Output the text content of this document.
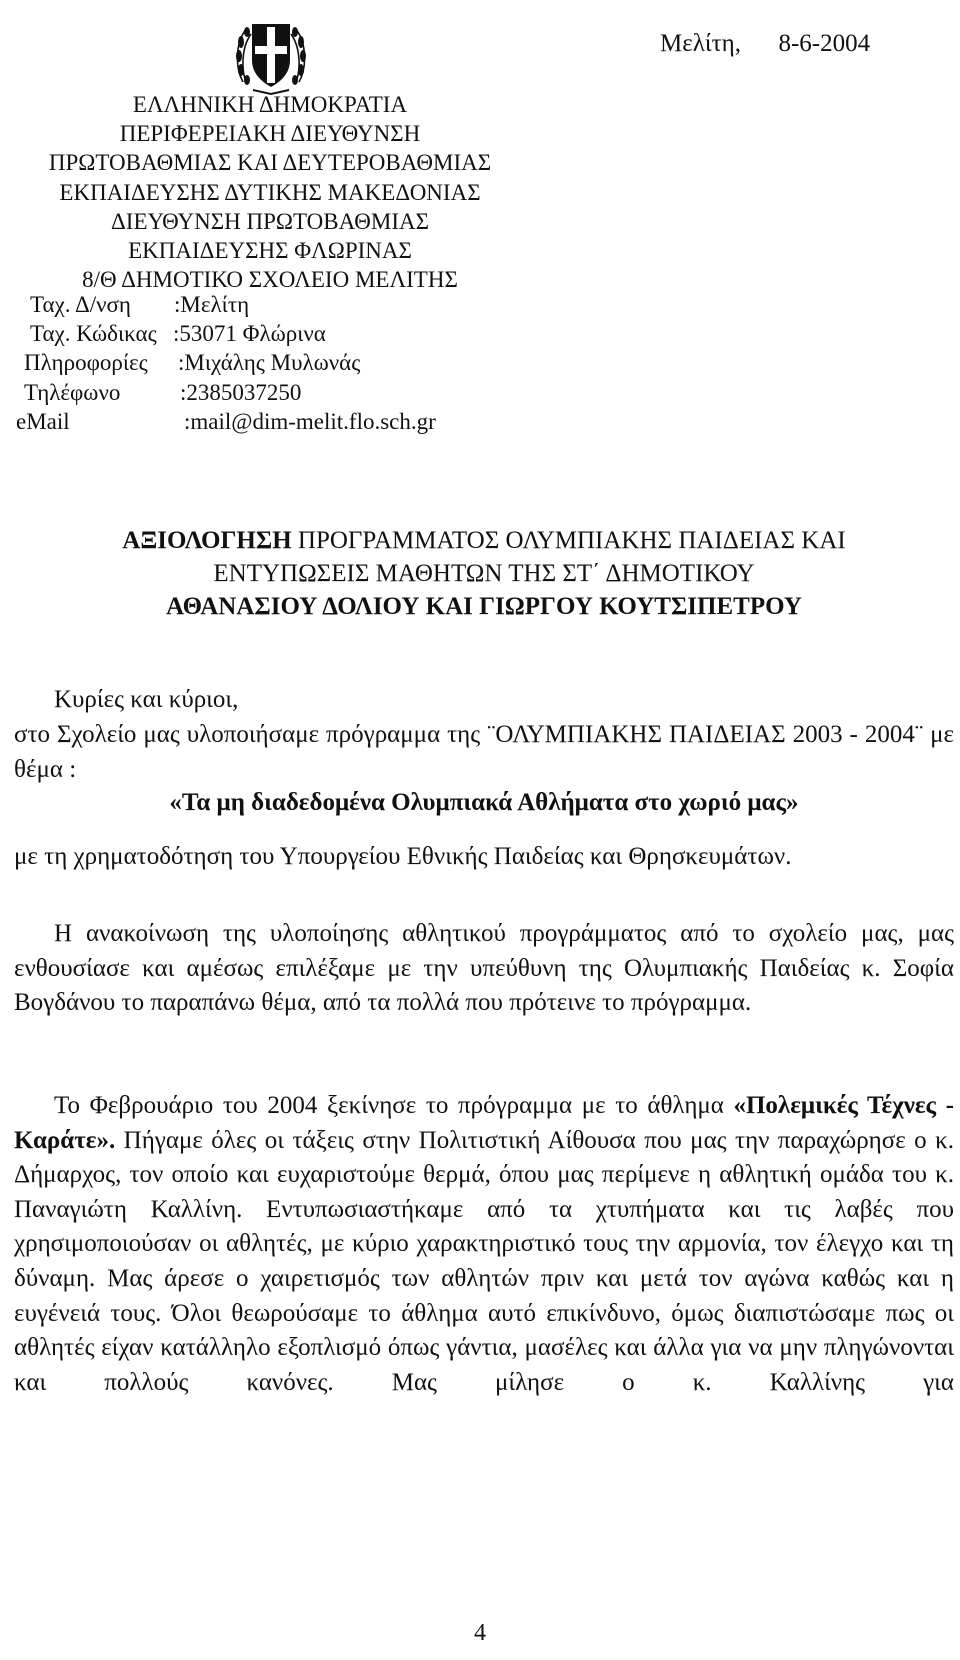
Μελίτη,      8-6-2004
ΕΛΛΗΝΙΚΗ ΔΗΜΟΚΡΑΤΙΑ
ΠΕΡΙΦΕΡΕΙΑΚΗ ΔΙΕΥΘΥΝΣΗ
ΠΡΩΤΟΒΑΘΜΙΑΣ ΚΑΙ ΔΕΥΤΕΡΟΒΑΘΜΙΑΣ
ΕΚΠΑΙΔΕΥΣΗΣ ΔΥΤΙΚΗΣ ΜΑΚΕΔΟΝΙΑΣ
ΔΙΕΥΘΥΝΣΗ ΠΡΩΤΟΒΑΘΜΙΑΣ
ΕΚΠΑΙΔΕΥΣΗΣ ΦΛΩΡΙΝΑΣ
8/Θ ΔΗΜΟΤΙΚΟ ΣΧΟΛΕΙΟ ΜΕΛΙΤΗΣ
Ταχ. Δ/νση :Μελίτη
Ταχ. Κώδικας :53071 Φλώρινα
Πληροφορίες :Μιχάλης Μυλωνάς
Τηλέφωνο	:2385037250
eMail	:mail@dim-melit.flo.sch.gr
ΑΞΙΟΛΟΓΗΣΗ ΠΡΟΓΡΑΜΜΑΤΟΣ ΟΛΥΜΠΙΑΚΗΣ ΠΑΙΔΕΙΑΣ ΚΑΙ
ΕΝΤΥΠΩΣΕΙΣ ΜΑΘΗΤΩΝ ΤΗΣ ΣΤ΄ ΔΗΜΟΤΙΚΟΥ
ΑΘΑΝΑΣΙΟΥ ΔΟΛΙΟΥ ΚΑΙ ΓΙΩΡΓΟΥ ΚΟΥΤΣΙΠΕΤΡΟΥ
Κυρίες και κύριοι,
στο Σχολείο μας υλοποιήσαμε πρόγραμμα της ¨ΟΛΥΜΠΙΑΚΗΣ ΠΑΙΔΕΙΑΣ 2003 - 2004¨ με θέμα :
«Τα μη διαδεδομένα Ολυμπιακά Αθλήματα στο χωριό μας»
με τη χρηματοδότηση του Υπουργείου Εθνικής Παιδείας και Θρησκευμάτων.
Η ανακοίνωση της υλοποίησης αθλητικού προγράμματος από το σχολείο μας, μας ενθουσίασε και αμέσως επιλέξαμε με την υπεύθυνη της Ολυμπιακής Παιδείας κ. Σοφία Βογδάνου το παραπάνω θέμα, από τα πολλά που πρότεινε το πρόγραμμα.
Το Φεβρουάριο του 2004 ξεκίνησε το πρόγραμμα με το άθλημα «Πολεμικές Τέχνες - Καράτε». Πήγαμε όλες οι τάξεις στην Πολιτιστική Αίθουσα που μας την παραχώρησε ο κ. Δήμαρχος, τον οποίο και ευχαριστούμε θερμά, όπου μας περίμενε η αθλητική ομάδα του κ. Παναγιώτη Καλλίνη. Εντυπωσιαστήκαμε από τα χτυπήματα και τις λαβές που χρησιμοποιούσαν οι αθλητές, με κύριο χαρακτηριστικό τους την αρμονία, τον έλεγχο και τη δύναμη. Μας άρεσε ο χαιρετισμός των αθλητών πριν και μετά τον αγώνα καθώς και η ευγένειά τους. Όλοι θεωρούσαμε το άθλημα αυτό επικίνδυνο, όμως διαπιστώσαμε πως οι αθλητές είχαν κατάλληλο εξοπλισμό όπως γάντια, μασέλες και άλλα για να μην πληγώνονται και πολλούς κανόνες. Μας μίλησε ο κ. Καλλίνης για
4
